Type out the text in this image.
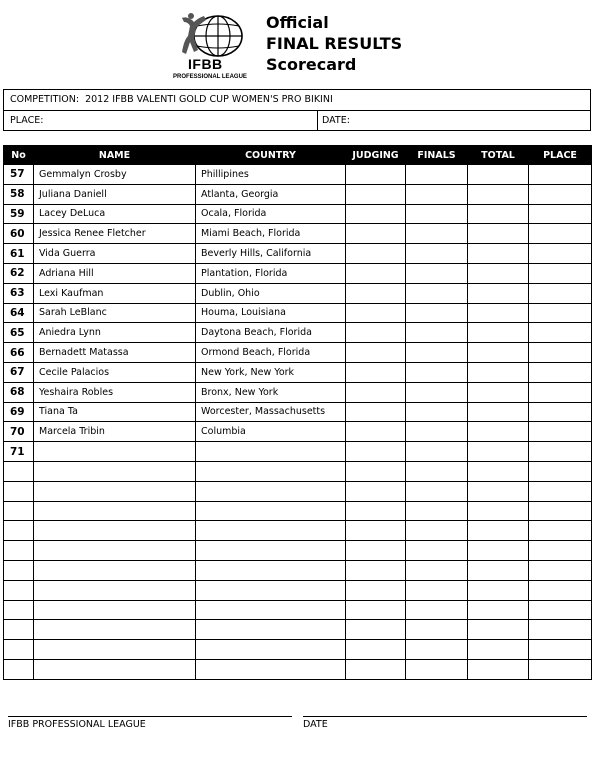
IFBB
PROFESSIONAL LEAGUE
Official
FINAL RESULTS
Scorecard
COMPETITION: 2012 IFBB VALENTI GOLD CUP WOMEN'S PRO BIKINI
PLACE:	DATE:
No	NAME	COUNTRY	JUDGING	FINALS	TOTAL	PLACE
57	Gemmalyn Crosby	Phillipines				
58	Juliana Daniell	Atlanta, Georgia				
59	Lacey DeLuca	Ocala, Florida				
60	Jessica Renee Fletcher	Miami Beach, Florida				
61	Vida Guerra	Beverly Hills, California				
62	Adriana Hill	Plantation, Florida				
63	Lexi Kaufman	Dublin, Ohio				
64	Sarah LeBlanc	Houma, Louisiana				
65	Aniedra Lynn	Daytona Beach, Florida				
66	Bernadett Matassa	Ormond Beach, Florida				
67	Cecile Palacios	New York, New York				
68	Yeshaira Robles	Bronx, New York				
69	Tiana Ta	Worcester, Massachusetts				
70	Marcela Tribin	Columbia				
71						

IFBB PROFESSIONAL LEAGUE	DATE
